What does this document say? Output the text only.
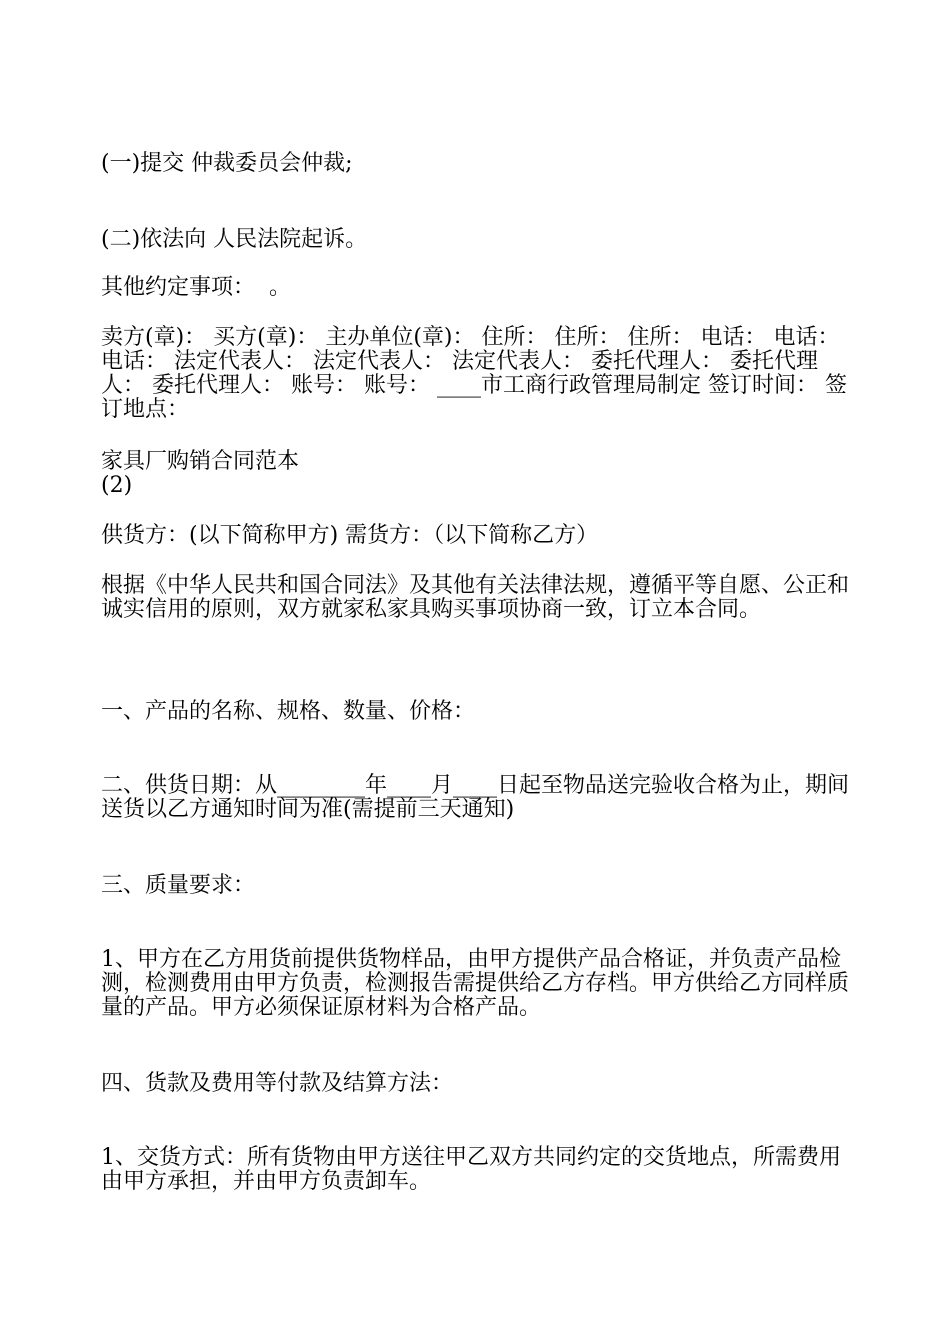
(一)提交 仲裁委员会仲裁;

(二)依法向 人民法院起诉。

其他约定事项：  。

卖方(章)： 买方(章)： 主办单位(章)： 住所： 住所： 住所： 电话： 电话： 电话： 法定代表人： 法定代表人： 法定代表人： 委托代理人： 委托代理人： 委托代理人： 账号： 账号： ____市工商行政管理局制定 签订时间： 签订地点：

家具厂购销合同范本
(2)

供货方：(以下简称甲方) 需货方：（以下简称乙方）

根据《中华人民共和国合同法》及其他有关法律法规，遵循平等自愿、公正和诚实信用的原则，双方就家私家具购买事项协商一致，订立本合同。

一、产品的名称、规格、数量、价格：

二、供货日期：从________年____月____日起至物品送完验收合格为止，期间送货以乙方通知时间为准(需提前三天通知)

三、质量要求：

1、甲方在乙方用货前提供货物样品，由甲方提供产品合格证，并负责产品检测，检测费用由甲方负责，检测报告需提供给乙方存档。甲方供给乙方同样质量的产品。甲方必须保证原材料为合格产品。

四、货款及费用等付款及结算方法：

1、交货方式：所有货物由甲方送往甲乙双方共同约定的交货地点，所需费用由甲方承担，并由甲方负责卸车。
